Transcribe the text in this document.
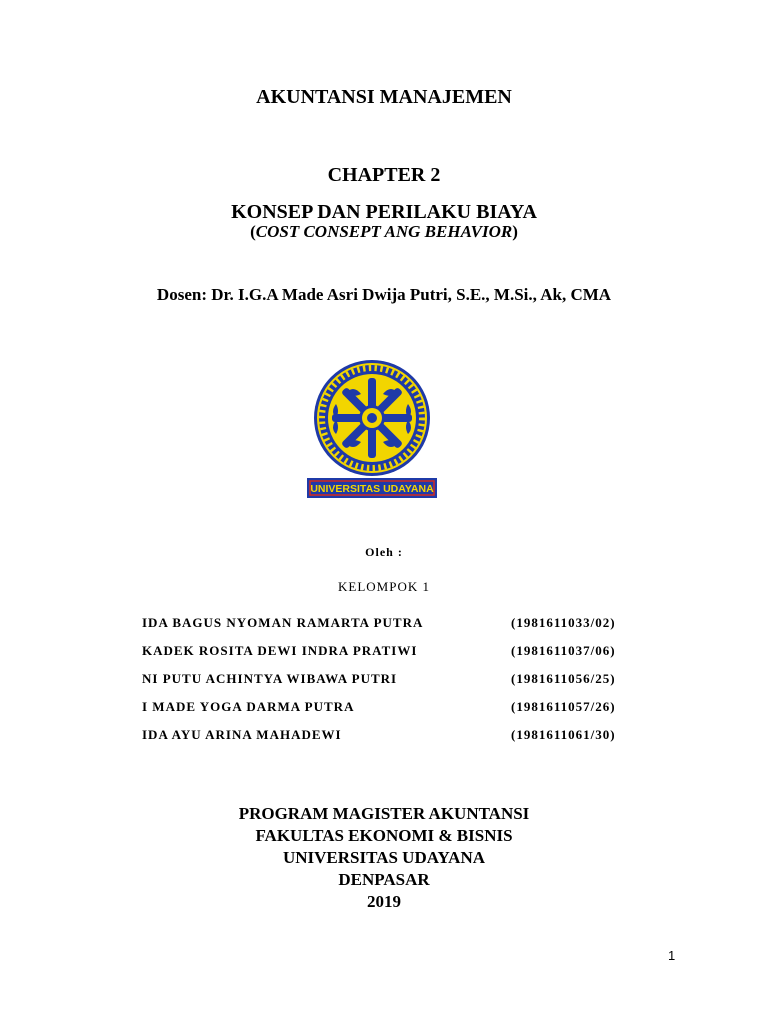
AKUNTANSI MANAJEMEN
CHAPTER 2
KONSEP DAN PERILAKU BIAYA
(COST CONSEPT ANG BEHAVIOR)
Dosen: Dr. I.G.A Made Asri Dwija Putri, S.E., M.Si., Ak, CMA
UNIVERSITAS UDAYANA
Oleh :
KELOMPOK 1
IDA BAGUS NYOMAN RAMARTA PUTRA	(1981611033/02)
KADEK ROSITA DEWI INDRA PRATIWI	(1981611037/06)
NI PUTU ACHINTYA WIBAWA PUTRI	(1981611056/25)
I MADE YOGA DARMA PUTRA	(1981611057/26)
IDA AYU ARINA MAHADEWI	(1981611061/30)
PROGRAM MAGISTER AKUNTANSI
FAKULTAS EKONOMI & BISNIS
UNIVERSITAS UDAYANA
DENPASAR
2019
1
